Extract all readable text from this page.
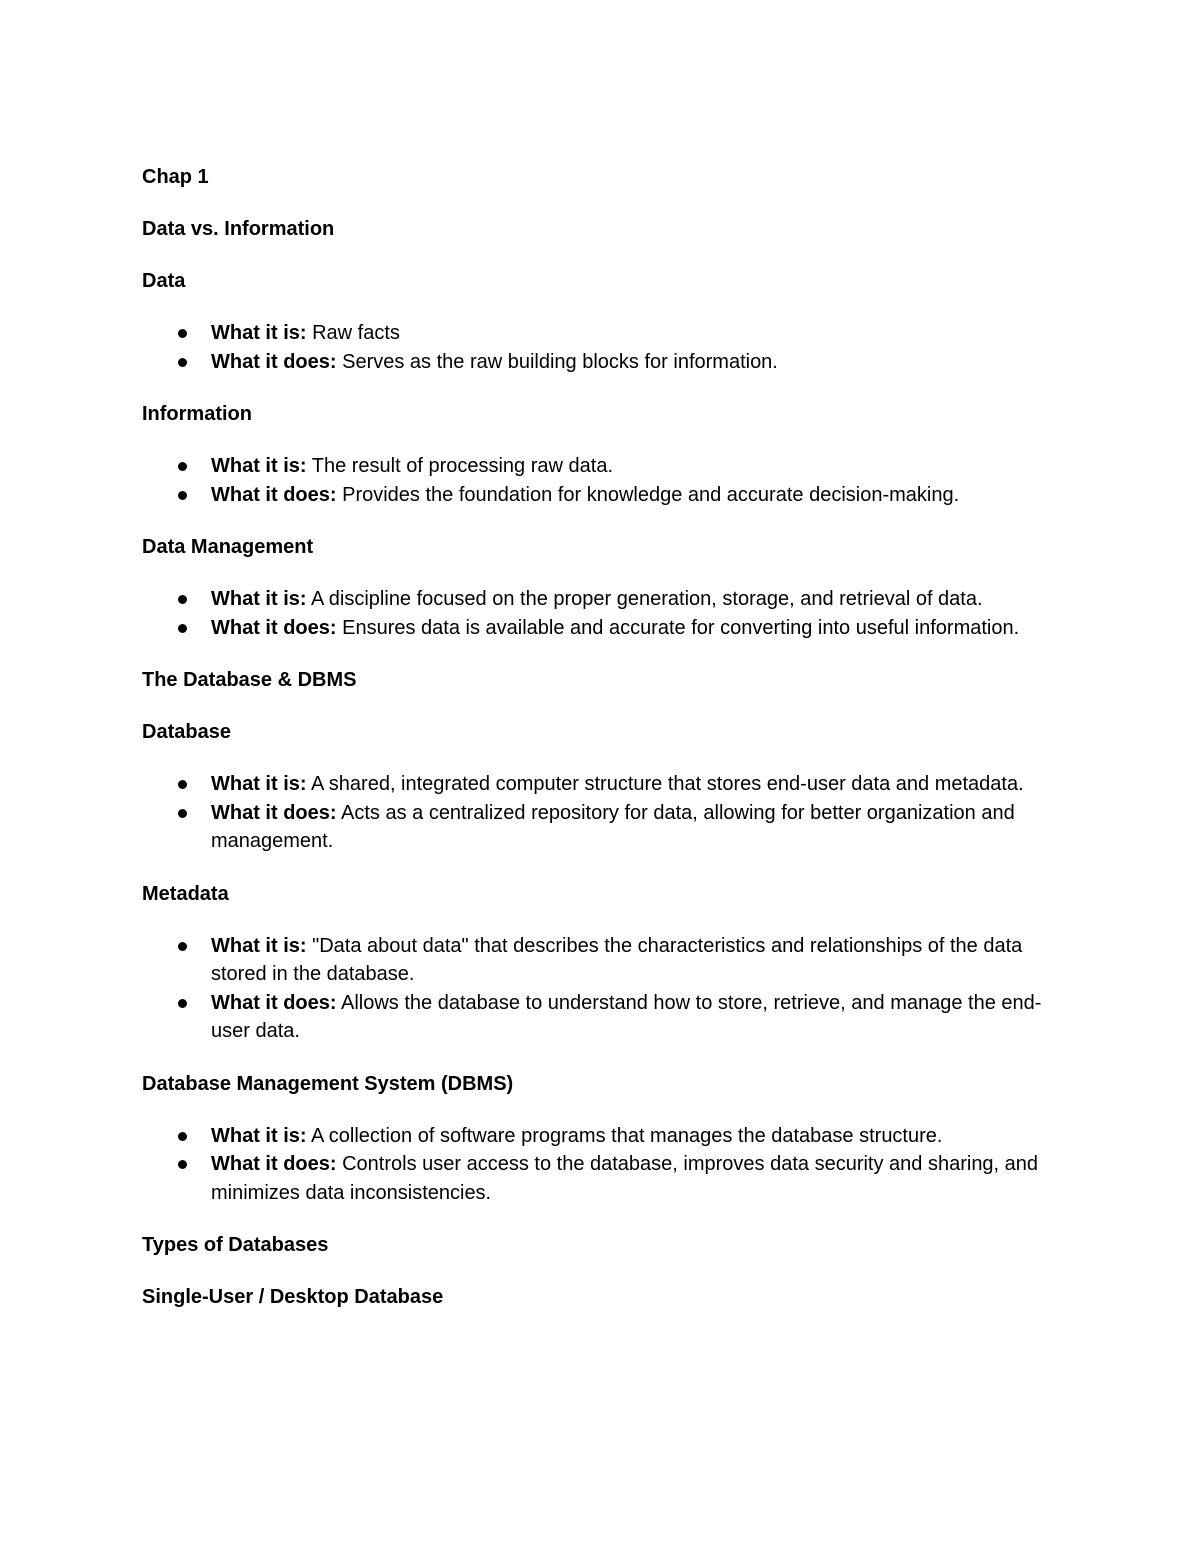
Chap 1
Data vs. Information
Data
What it is: Raw facts
What it does: Serves as the raw building blocks for information.
Information
What it is: The result of processing raw data.
What it does: Provides the foundation for knowledge and accurate decision-making.
Data Management
What it is: A discipline focused on the proper generation, storage, and retrieval of data.
What it does: Ensures data is available and accurate for converting into useful information.
The Database & DBMS
Database
What it is: A shared, integrated computer structure that stores end-user data and metadata.
What it does: Acts as a centralized repository for data, allowing for better organization and management.
Metadata
What it is: "Data about data" that describes the characteristics and relationships of the data stored in the database.
What it does: Allows the database to understand how to store, retrieve, and manage the end-user data.
Database Management System (DBMS)
What it is: A collection of software programs that manages the database structure.
What it does: Controls user access to the database, improves data security and sharing, and minimizes data inconsistencies.
Types of Databases
Single-User / Desktop Database
